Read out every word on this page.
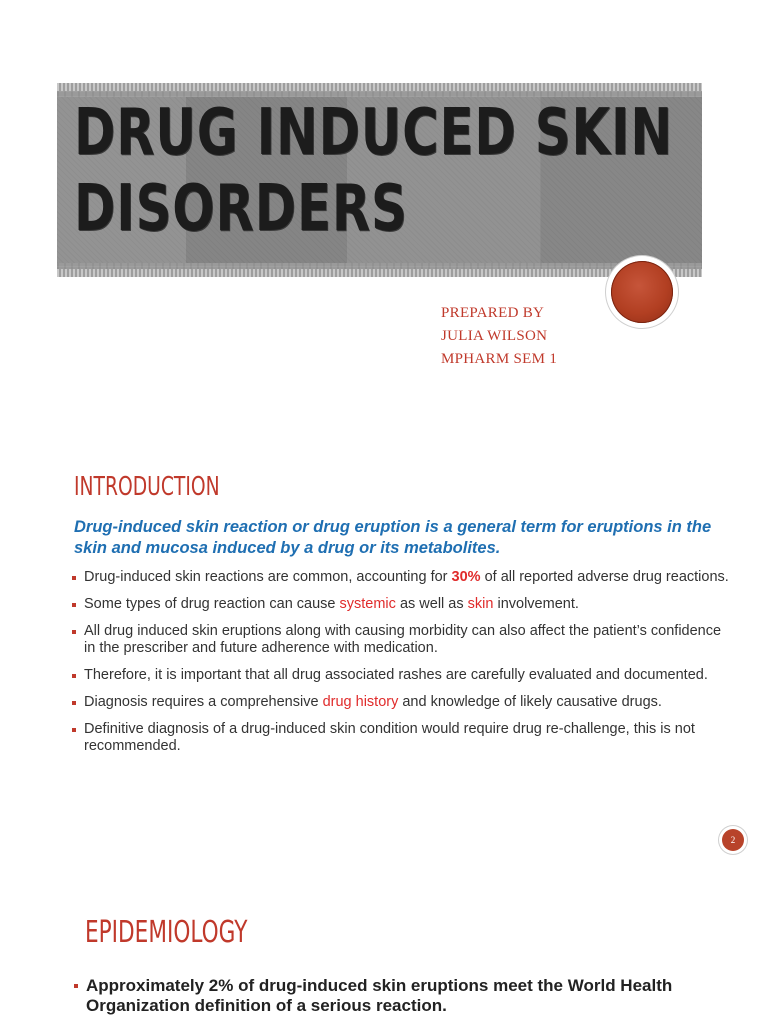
DRUG INDUCED SKIN
DISORDERS
PREPARED BY
JULIA WILSON
MPHARM SEM 1
INTRODUCTION
Drug-induced skin reaction or drug eruption is a general term for eruptions in the skin and mucosa induced by a drug or its metabolites.
Drug-induced skin reactions are common, accounting for 30% of all reported adverse drug reactions.
Some types of drug reaction can cause systemic as well as skin involvement.
All drug induced skin eruptions along with causing morbidity can also affect the patient’s confidence in the prescriber and future adherence with medication.
Therefore, it is important that all drug associated rashes are carefully evaluated and documented.
Diagnosis requires a comprehensive drug history and knowledge of likely causative drugs.
Definitive diagnosis of a drug-induced skin condition would require drug re-challenge, this is not recommended.
2
EPIDEMIOLOGY
Approximately 2% of drug-induced skin eruptions meet the World Health Organization definition of a serious reaction.
